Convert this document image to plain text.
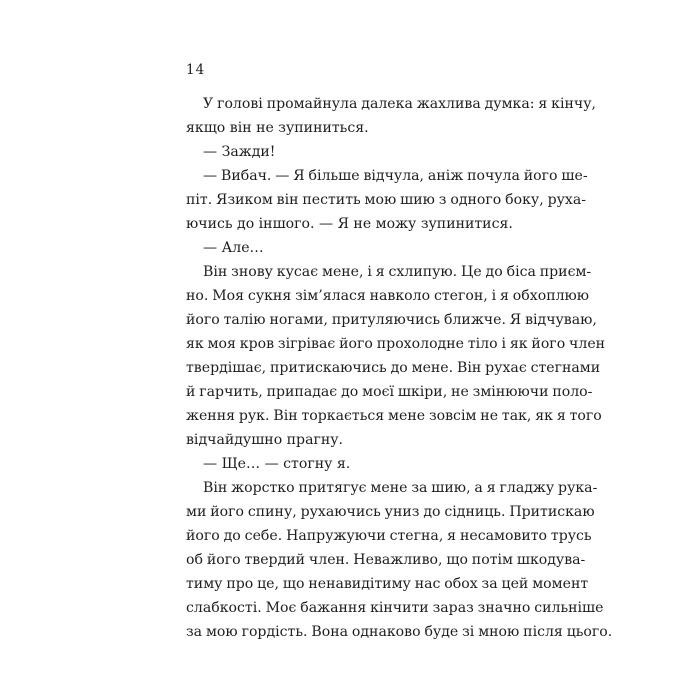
14

У голові промайнула далека жахлива думка: я кінчу,

якщо він не зупиниться.

— Зажди!

— Вибач. — Я більше відчула, аніж почула його ше-

піт. Язиком він пестить мою шию з одного боку, руха-

ючись до іншого. — Я не можу зупинитися.

— Але…

Він знову кусає мене, і я схлипую. Це до біса приєм-

но. Моя сукня зім’ялася навколо стегон, і я обхоплюю

його талію ногами, притуляючись ближче. Я відчуваю,

як моя кров зігріває його прохолодне тіло і як його член

твердішає, притискаючись до мене. Він рухає стегнами

й гарчить, припадає до моєї шкіри, не змінюючи поло-

ження рук. Він торкається мене зовсім не так, як я того

відчайдушно прагну.

— Ще… — стогну я.

Він жорстко притягує мене за шию, а я гладжу рука-

ми його спину, рухаючись униз до сідниць. Притискаю

його до себе. Напружуючи стегна, я несамовито трусь

об його твердий член. Неважливо, що потім шкодува-

тиму про це, що ненавидітиму нас обох за цей момент

слабкості. Моє бажання кінчити зараз значно сильніше

за мою гордість. Вона однаково буде зі мною після цього.
